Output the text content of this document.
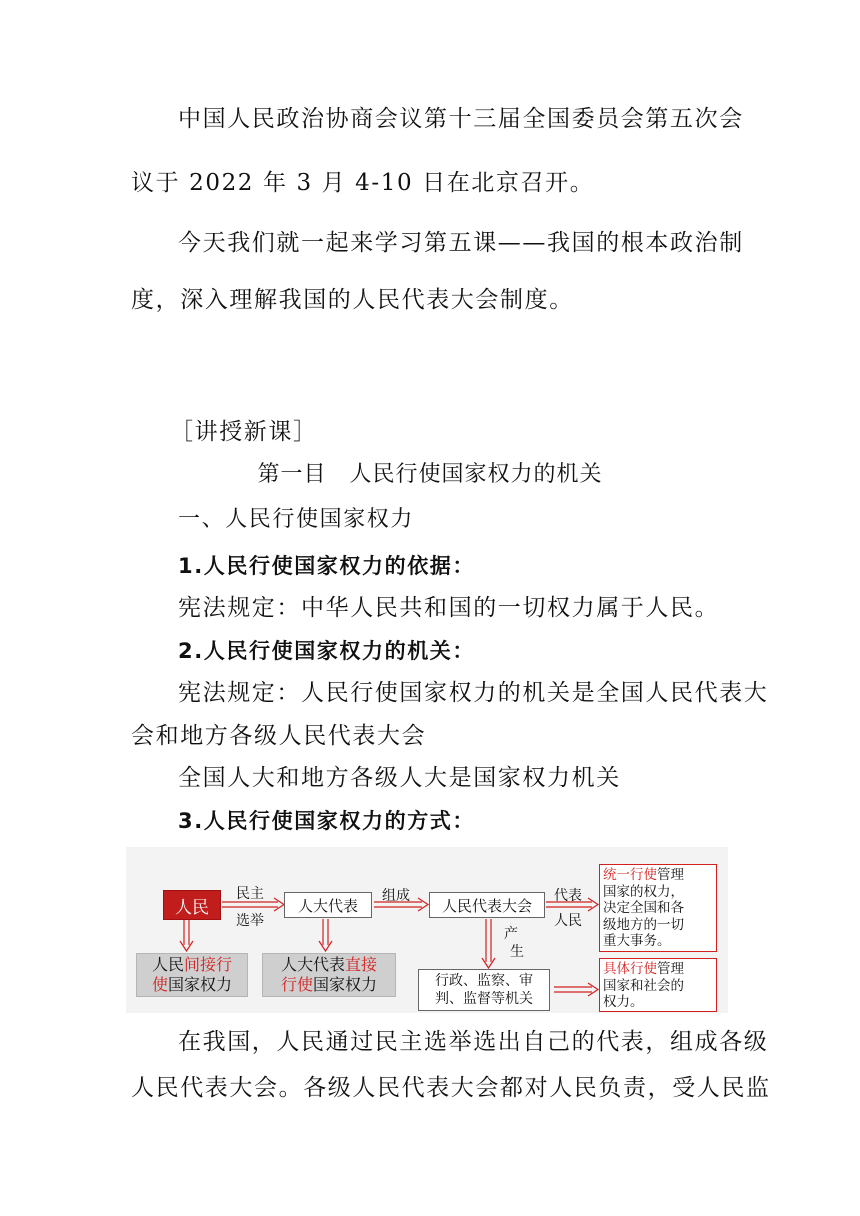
中国人民政治协商会议第十三届全国委员会第五次会
议于 2022 年 3 月 4-10 日在北京召开。
今天我们就一起来学习第五课——我国的根本政治制
度，深入理解我国的人民代表大会制度。
［讲授新课］
第一目　人民行使国家权力的机关
一、人民行使国家权力
1.人民行使国家权力的依据：
宪法规定：中华人民共和国的一切权力属于人民。
2.人民行使国家权力的机关：
宪法规定：人民行使国家权力的机关是全国人民代表大
会和地方各级人民代表大会
全国人大和地方各级人大是国家权力机关
3.人民行使国家权力的方式：
人民
民主
选举
人大代表
组成
人民代表大会
代表
人民
产
生
人民间接行
使国家权力
人大代表直接
行使国家权力	行政、监察、审
判、监督等机关
统一行使管理
国家的权力，
决定全国和各
级地方的一切
重大事务。
具体行使管理
国家和社会的
权力。
在我国，人民通过民主选举选出自己的代表，组成各级
人民代表大会。各级人民代表大会都对人民负责，受人民监
